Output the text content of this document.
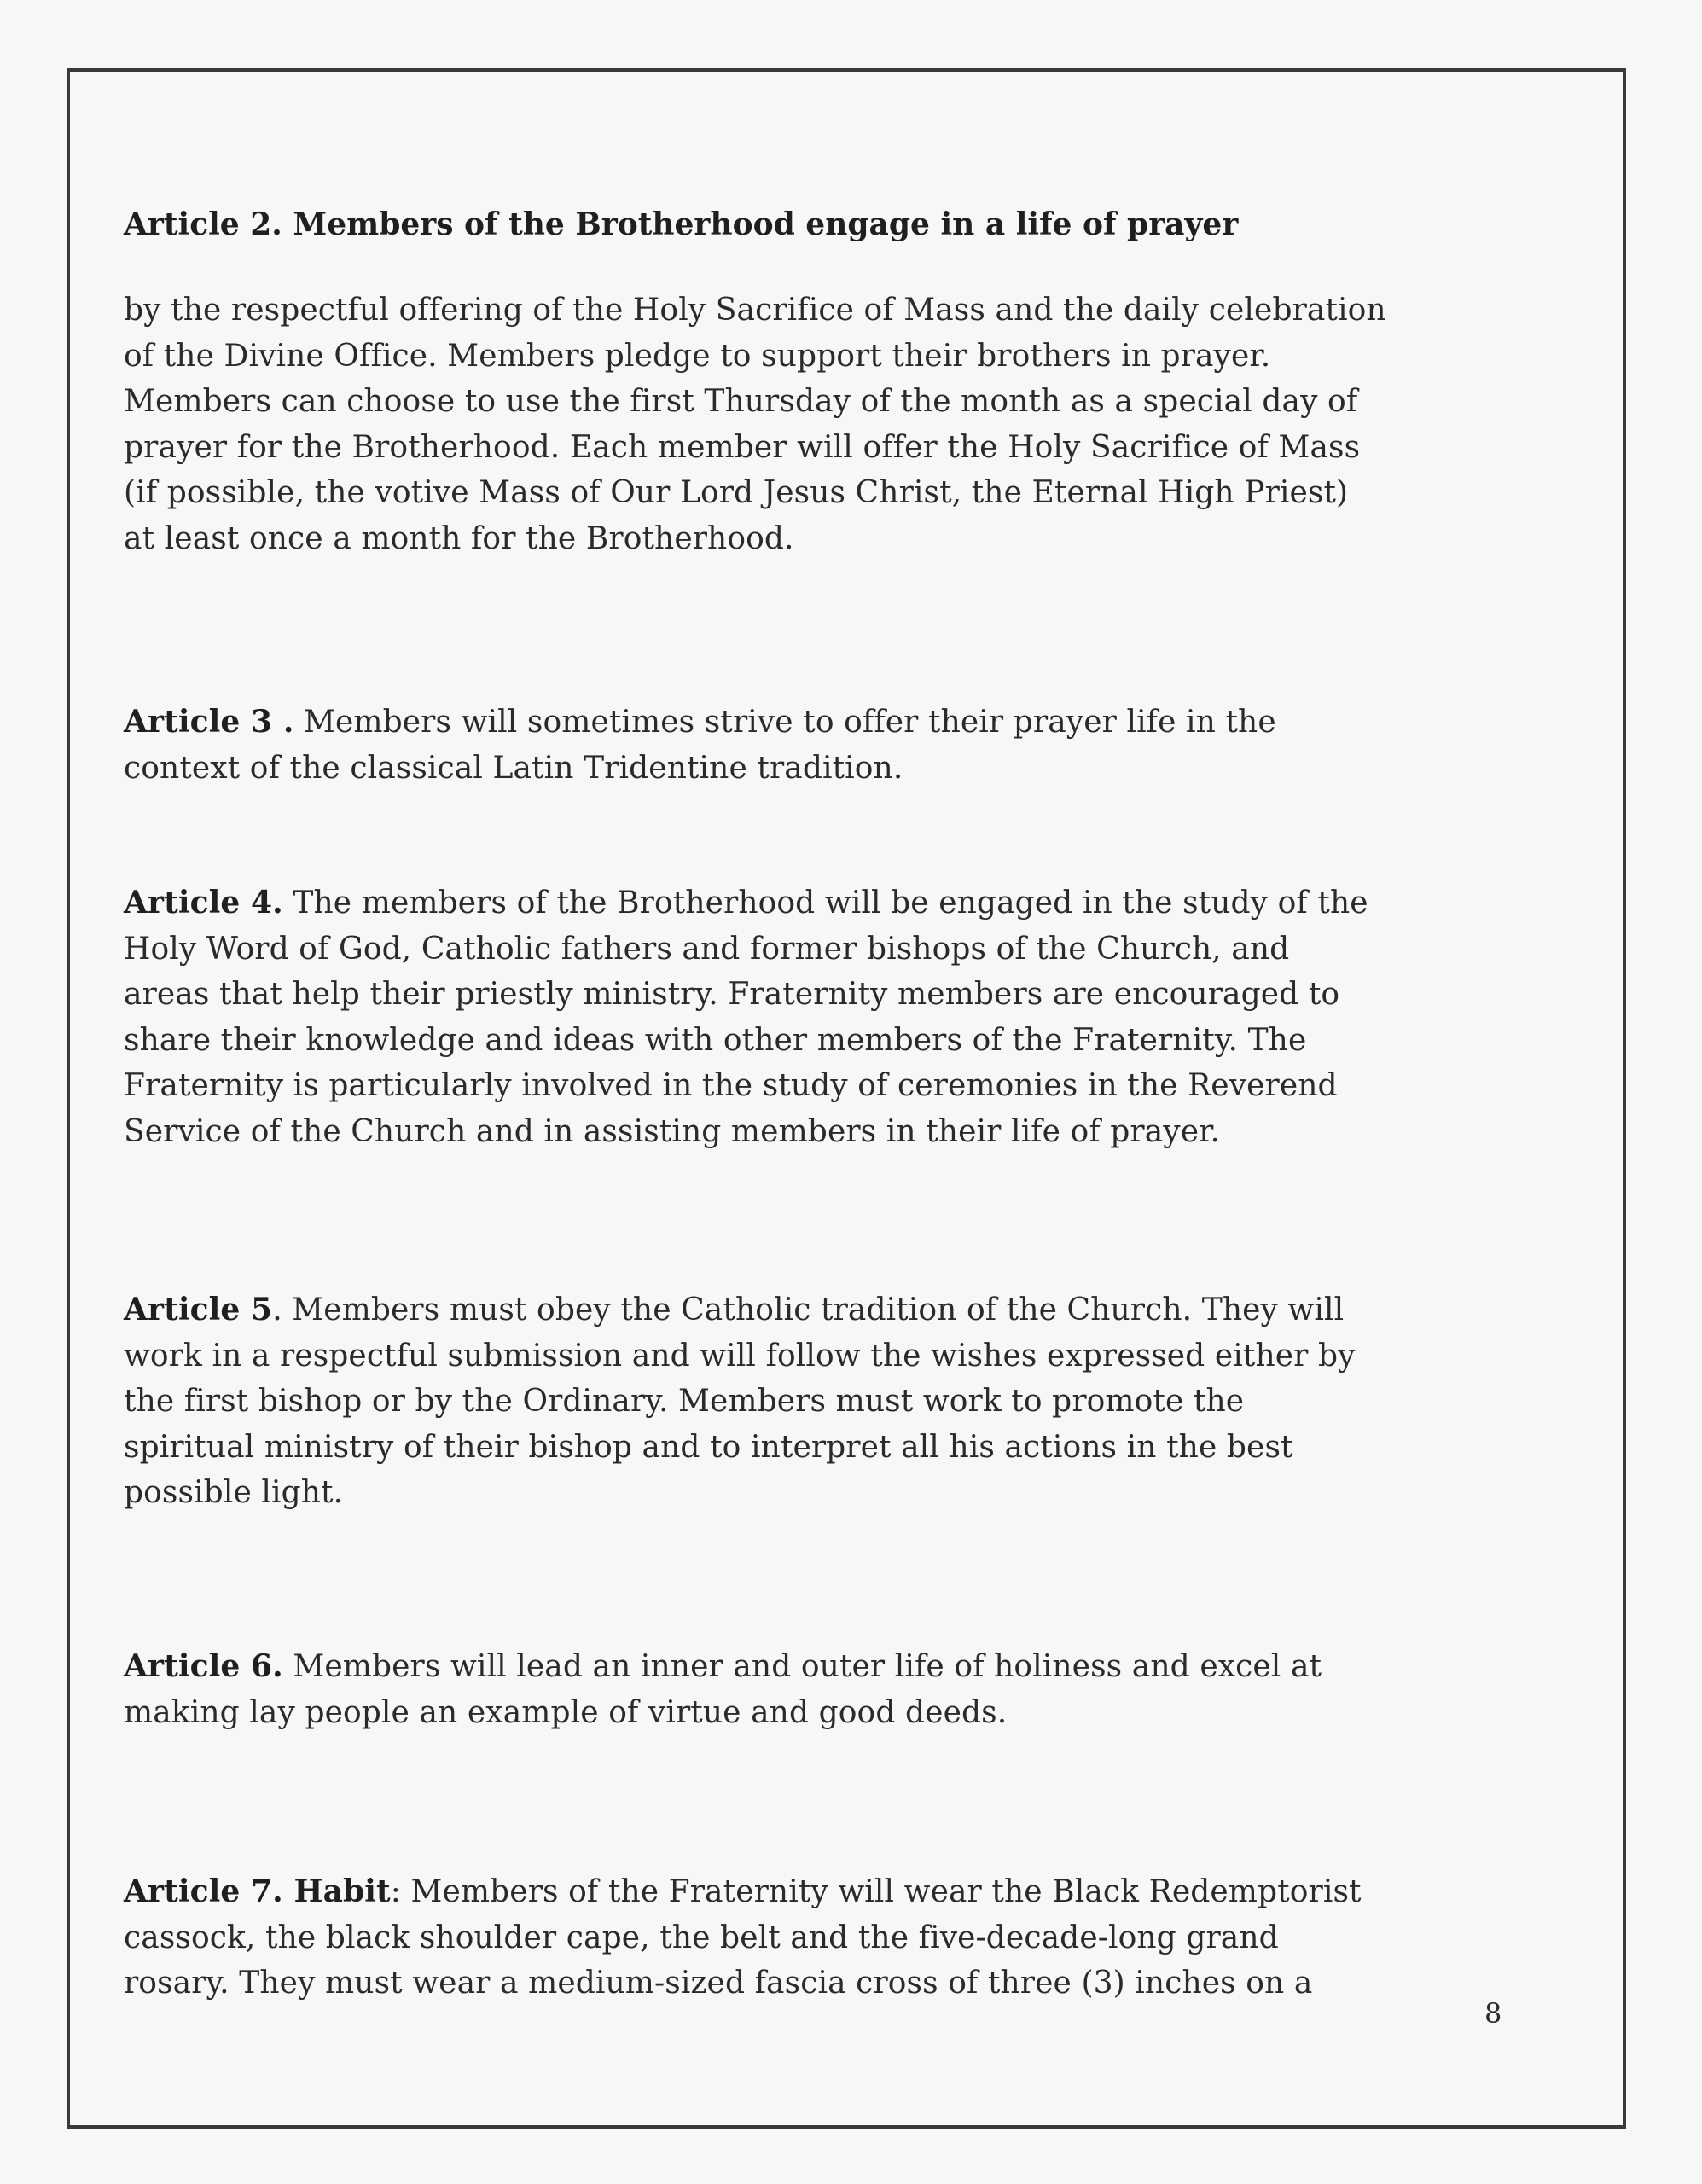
Article 2. Members of the Brotherhood engage in a life of prayer
by the respectful offering of the Holy Sacrifice of Mass and the daily celebration
of the Divine Office. Members pledge to support their brothers in prayer.
Members can choose to use the first Thursday of the month as a special day of
prayer for the Brotherhood. Each member will offer the Holy Sacrifice of Mass
(if possible, the votive Mass of Our Lord Jesus Christ, the Eternal High Priest)
at least once a month for the Brotherhood.
Article 3 . Members will sometimes strive to offer their prayer life in the
context of the classical Latin Tridentine tradition.
Article 4. The members of the Brotherhood will be engaged in the study of the
Holy Word of God, Catholic fathers and former bishops of the Church, and
areas that help their priestly ministry. Fraternity members are encouraged to
share their knowledge and ideas with other members of the Fraternity. The
Fraternity is particularly involved in the study of ceremonies in the Reverend
Service of the Church and in assisting members in their life of prayer.
Article 5. Members must obey the Catholic tradition of the Church. They will
work in a respectful submission and will follow the wishes expressed either by
the first bishop or by the Ordinary. Members must work to promote the
spiritual ministry of their bishop and to interpret all his actions in the best
possible light.
Article 6. Members will lead an inner and outer life of holiness and excel at
making lay people an example of virtue and good deeds.
Article 7. Habit: Members of the Fraternity will wear the Black Redemptorist
cassock, the black shoulder cape, the belt and the five-decade-long grand
rosary. They must wear a medium-sized fascia cross of three (3) inches on a
8
